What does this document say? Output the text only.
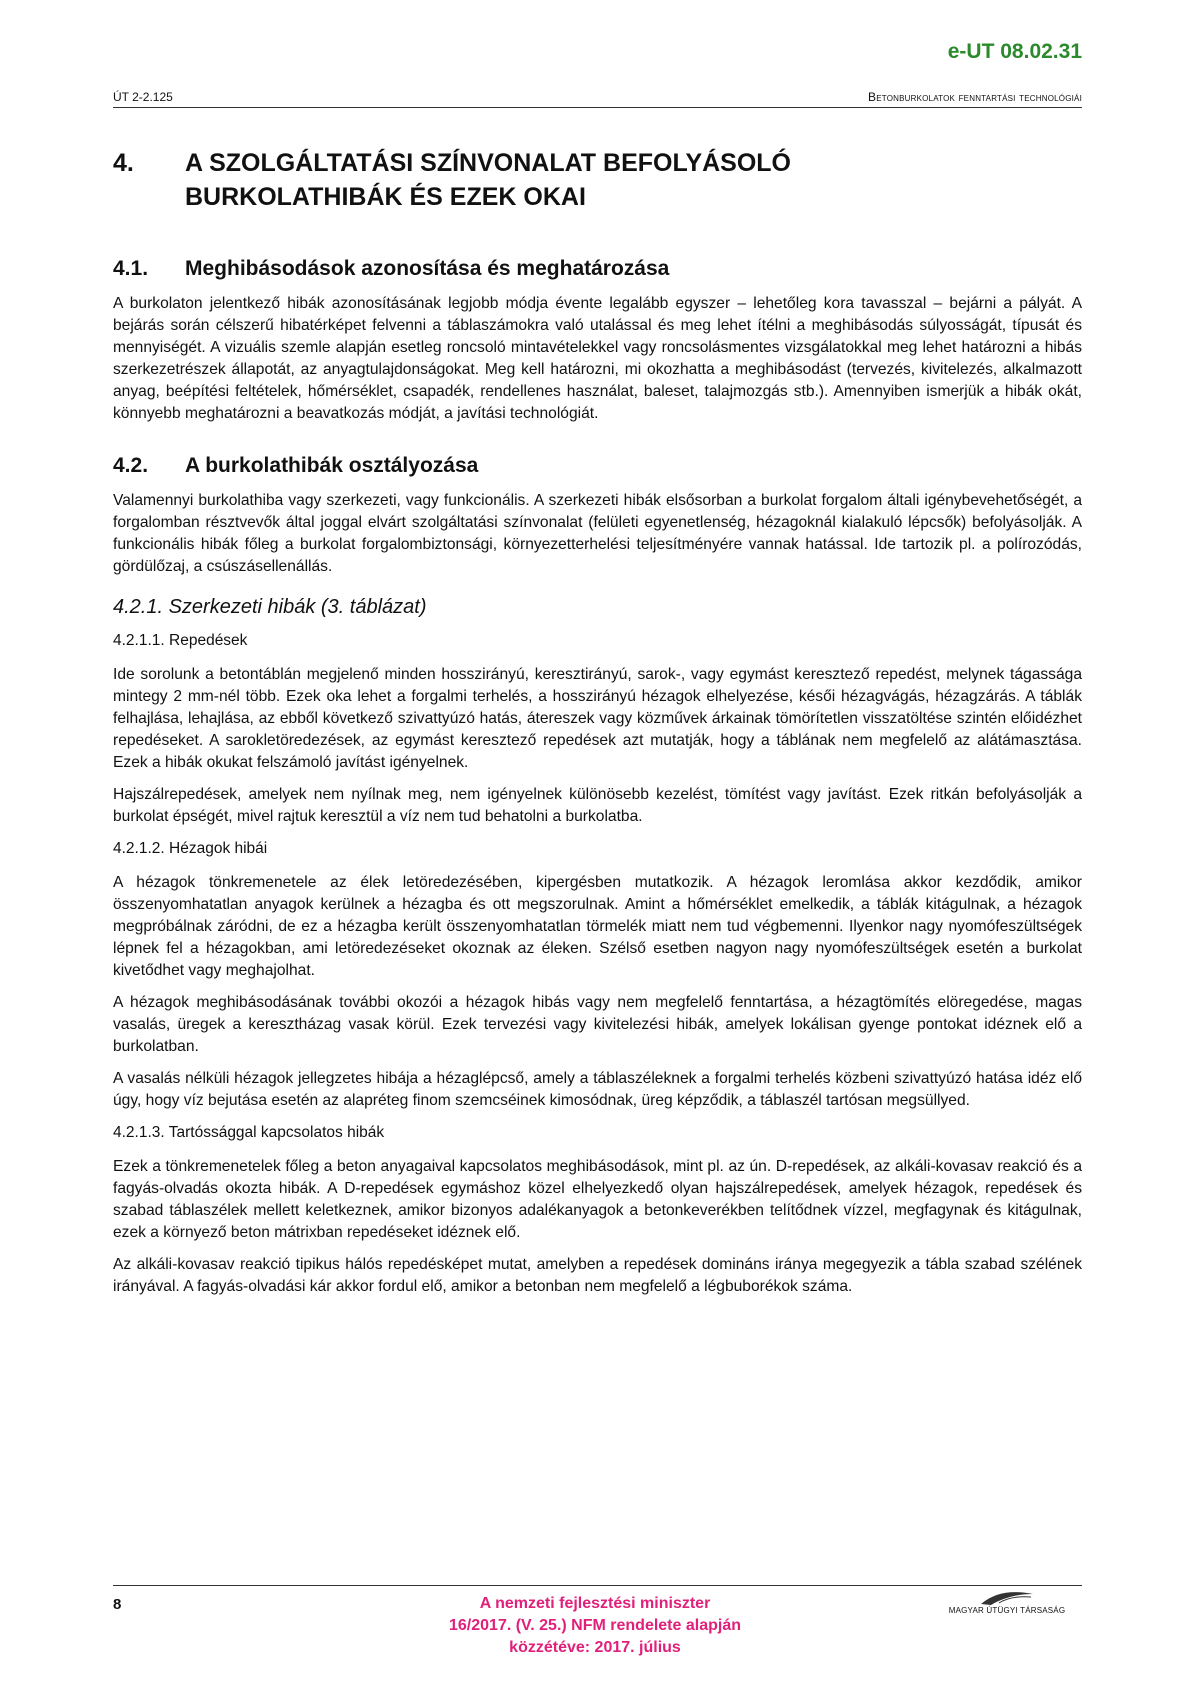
e-UT 08.02.31
ÚT 2-2.125	Betonburkolatok fenntartási technológiái
4.	A SZOLGÁLTATÁSI SZÍNVONALAT BEFOLYÁSOLÓ
BURKOLATHIBÁK ÉS EZEK OKAI
4.1.	Meghibásodások azonosítása és meghatározása

A burkolaton jelentkező hibák azonosításának legjobb módja évente legalább egyszer – lehetőleg kora tavasszal – bejárni a pályát. A bejárás során célszerű hibatérképet felvenni a táblaszámokra való utalással és meg lehet ítélni a meghibásodás súlyosságát, típusát és mennyiségét. A vizuális szemle alapján esetleg roncsoló mintavételekkel vagy roncsolásmentes vizsgálatokkal meg lehet határozni a hibás szerkezetrészek állapotát, az anyagtulajdonságokat. Meg kell határozni, mi okozhatta a meghibásodást (tervezés, kivitelezés, alkalmazott anyag, beépítési feltételek, hőmérséklet, csapadék, rendellenes használat, baleset, talajmozgás stb.). Amennyiben ismerjük a hibák okát, könnyebb meghatározni a beavatkozás módját, a javítási technológiát.

4.2.	A burkolathibák osztályozása

Valamennyi burkolathiba vagy szerkezeti, vagy funkcionális. A szerkezeti hibák elsősorban a burkolat forgalom általi igénybevehetőségét, a forgalomban résztvevők által joggal elvárt szolgáltatási színvonalat (felületi egyenetlenség, hézagoknál kialakuló lépcsők) befolyásolják. A funkcionális hibák főleg a burkolat forgalombiztonsági, környezetterhelési teljesítményére vannak hatással. Ide tartozik pl. a polírozódás, gördülőzaj, a csúszásellenállás.

4.2.1. Szerkezeti hibák (3. táblázat)
4.2.1.1. Repedések

Ide sorolunk a betontáblán megjelenő minden hosszirányú, keresztirányú, sarok-, vagy egymást keresztező repedést, melynek tágassága mintegy 2 mm-nél több. Ezek oka lehet a forgalmi terhelés, a hosszirányú hézagok elhelyezése, késői hézagvágás, hézagzárás. A táblák felhajlása, lehajlása, az ebből következő szivattyúzó hatás, átereszek vagy közművek árkainak tömörítetlen visszatöltése szintén előidézhet repedéseket. A sarokletöredezések, az egymást keresztező repedések azt mutatják, hogy a táblának nem megfelelő az alátámasztása. Ezek a hibák okukat felszámoló javítást igényelnek.

Hajszálrepedések, amelyek nem nyílnak meg, nem igényelnek különösebb kezelést, tömítést vagy javítást. Ezek ritkán befolyásolják a burkolat épségét, mivel rajtuk keresztül a víz nem tud behatolni a burkolatba.

4.2.1.2. Hézagok hibái

A hézagok tönkremenetele az élek letöredezésében, kipergésben mutatkozik. A hézagok leromlása akkor kezdődik, amikor összenyomhatatlan anyagok kerülnek a hézagba és ott megszorulnak. Amint a hőmérséklet emelkedik, a táblák kitágulnak, a hézagok megpróbálnak záródni, de ez a hézagba került összenyomhatatlan törmelék miatt nem tud végbemenni. Ilyenkor nagy nyomófeszültségek lépnek fel a hézagokban, ami letöredezéseket okoznak az éleken. Szélső esetben nagyon nagy nyomófeszültségek esetén a burkolat kivetődhet vagy meghajolhat.

A hézagok meghibásodásának további okozói a hézagok hibás vagy nem megfelelő fenntartása, a hézagtömítés elöregedése, magas vasalás, üregek a keresztházag vasak körül. Ezek tervezési vagy kivitelezési hibák, amelyek lokálisan gyenge pontokat idéznek elő a burkolatban.

A vasalás nélküli hézagok jellegzetes hibája a hézaglépcső, amely a táblaszéleknek a forgalmi terhelés közbeni szivattyúzó hatása idéz elő úgy, hogy víz bejutása esetén az alapréteg finom szemcséinek kimosódnak, üreg képződik, a táblaszél tartósan megsüllyed.

4.2.1.3. Tartóssággal kapcsolatos hibák

Ezek a tönkremenetelek főleg a beton anyagaival kapcsolatos meghibásodások, mint pl. az ún. D-repedések, az alkáli-kovasav reakció és a fagyás-olvadás okozta hibák. A D-repedések egymáshoz közel elhelyezkedő olyan hajszálrepedések, amelyek hézagok, repedések és szabad táblaszélek mellett keletkeznek, amikor bizonyos adalékanyagok a betonkeverékben telítődnek vízzel, megfagynak és kitágulnak, ezek a környező beton mátrixban repedéseket idéznek elő.

Az alkáli-kovasav reakció tipikus hálós repedésképet mutat, amelyben a repedések domináns iránya megegyezik a tábla szabad szélének irányával. A fagyás-olvadási kár akkor fordul elő, amikor a betonban nem megfelelő a légbuborékok száma.

8	A nemzeti fejlesztési miniszter
16/2017. (V. 25.) NFM rendelete alapján
közzétéve: 2017. július
MAGYAR ÚTÜGYI TÁRSASÁG
